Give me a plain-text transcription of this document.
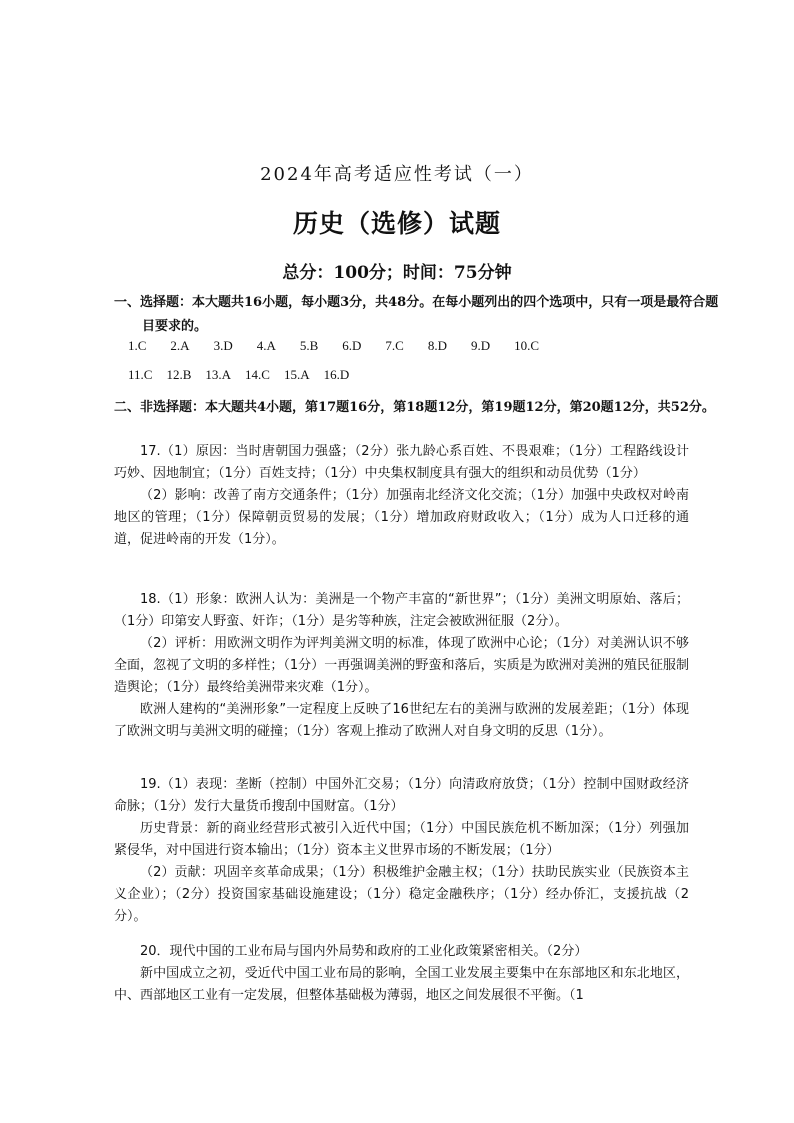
2024年高考适应性考试（一）
历史（选修）试题
总分：100分；时间：75分钟
一、选择题：本大题共16小题，每小题3分，共48分。在每小题列出的四个选项中，只有一项是最符合题目要求的。
1.C 2.A 3.D 4.A 5.B 6.D 7.C 8.D 9.D 10.C
11.C 12.B 13.A 14.C 15.A 16.D
二、非选择题：本大题共4小题，第17题16分，第18题12分，第19题12分，第20题12分，共52分。

17.（1）原因：当时唐朝国力强盛；（2分）张九龄心系百姓、不畏艰难；（1分）工程路线设计巧妙、因地制宜；（1分）百姓支持；（1分）中央集权制度具有强大的组织和动员优势（1分）

（2）影响：改善了南方交通条件；（1分）加强南北经济文化交流；（1分）加强中央政权对岭南地区的管理；（1分）保障朝贡贸易的发展；（1分）增加政府财政收入；（1分）成为人口迁移的通道，促进岭南的开发（1分）。

18.（1）形象：欧洲人认为：美洲是一个物产丰富的“新世界”；（1分）美洲文明原始、落后；（1分）印第安人野蛮、奸诈；（1分）是劣等种族，注定会被欧洲征服（2分）。

（2）评析：用欧洲文明作为评判美洲文明的标准，体现了欧洲中心论；（1分）对美洲认识不够全面，忽视了文明的多样性；（1分）一再强调美洲的野蛮和落后，实质是为欧洲对美洲的殖民征服制造舆论；（1分）最终给美洲带来灾难（1分）。

欧洲人建构的“美洲形象”一定程度上反映了16世纪左右的美洲与欧洲的发展差距；（1分）体现了欧洲文明与美洲文明的碰撞；（1分）客观上推动了欧洲人对自身文明的反思（1分）。

19.（1）表现：垄断（控制）中国外汇交易；（1分）向清政府放贷；（1分）控制中国财政经济命脉；（1分）发行大量货币搜刮中国财富。（1分）

历史背景：新的商业经营形式被引入近代中国；（1分）中国民族危机不断加深；（1分）列强加紧侵华，对中国进行资本输出；（1分）资本主义世界市场的不断发展；（1分）

（2）贡献：巩固辛亥革命成果；（1分）积极维护金融主权；（1分）扶助民族实业（民族资本主义企业）；（2分）投资国家基础设施建设；（1分）稳定金融秩序；（1分）经办侨汇，支援抗战（2分）。

20．现代中国的工业布局与国内外局势和政府的工业化政策紧密相关。（2分）

新中国成立之初，受近代中国工业布局的影响，全国工业发展主要集中在东部地区和东北地区，中、西部地区工业有一定发展，但整体基础极为薄弱，地区之间发展很不平衡。（1
